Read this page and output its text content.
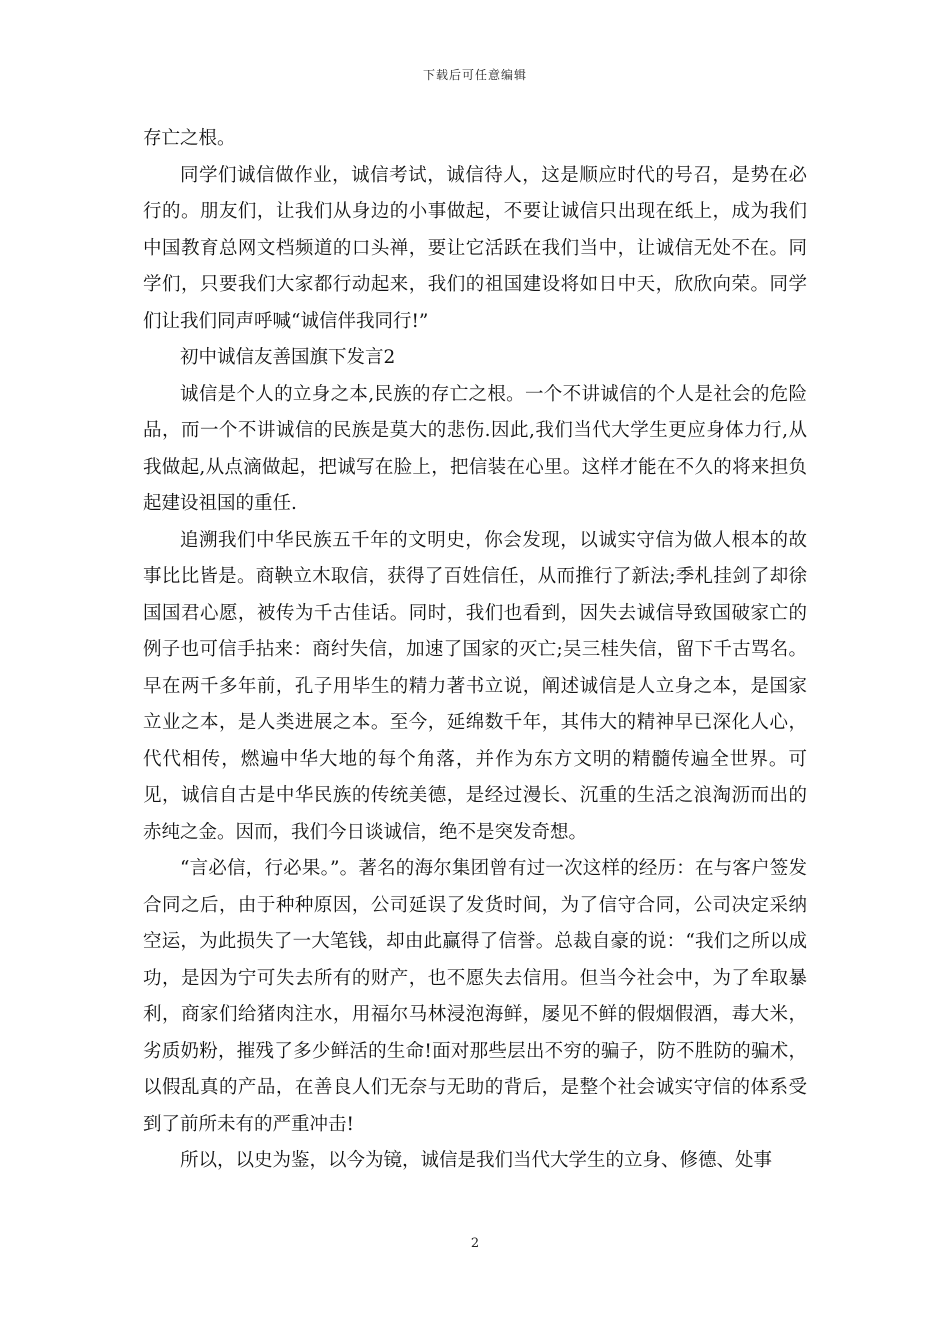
下载后可任意编辑

存亡之根。

同学们诚信做作业，诚信考试，诚信待人，这是顺应时代的号召，是势在必行的。朋友们，让我们从身边的小事做起，不要让诚信只出现在纸上，成为我们中国教育总网文档频道的口头禅，要让它活跃在我们当中，让诚信无处不在。同学们，只要我们大家都行动起来，我们的祖国建设将如日中天，欣欣向荣。同学们让我们同声呼喊“诚信伴我同行!”

初中诚信友善国旗下发言2

诚信是个人的立身之本,民族的存亡之根。一个不讲诚信的个人是社会的危险品，而一个不讲诚信的民族是莫大的悲伤.因此,我们当代大学生更应身体力行,从我做起,从点滴做起，把诚写在脸上，把信装在心里。这样才能在不久的将来担负起建设祖国的重任.

追溯我们中华民族五千年的文明史，你会发现，以诚实守信为做人根本的故事比比皆是。商鞅立木取信，获得了百姓信任，从而推行了新法;季札挂剑了却徐国国君心愿，被传为千古佳话。同时，我们也看到，因失去诚信导致国破家亡的例子也可信手拈来：商纣失信，加速了国家的灭亡;吴三桂失信，留下千古骂名。早在两千多年前，孔子用毕生的精力著书立说，阐述诚信是人立身之本，是国家立业之本，是人类进展之本。至今，延绵数千年，其伟大的精神早已深化人心，代代相传，燃遍中华大地的每个角落，并作为东方文明的精髓传遍全世界。可见，诚信自古是中华民族的传统美德，是经过漫长、沉重的生活之浪淘沥而出的赤纯之金。因而，我们今日谈诚信，绝不是突发奇想。

“言必信，行必果。”。著名的海尔集团曾有过一次这样的经历：在与客户签发合同之后，由于种种原因，公司延误了发货时间，为了信守合同，公司决定采纳空运，为此损失了一大笔钱，却由此赢得了信誉。总裁自豪的说：“我们之所以成功，是因为宁可失去所有的财产，也不愿失去信用。但当今社会中，为了牟取暴利，商家们给猪肉注水，用福尔马林浸泡海鲜，屡见不鲜的假烟假酒，毒大米，劣质奶粉，摧残了多少鲜活的生命!面对那些层出不穷的骗子，防不胜防的骗术，以假乱真的产品，在善良人们无奈与无助的背后，是整个社会诚实守信的体系受到了前所未有的严重冲击!

所以，以史为鉴，以今为镜，诚信是我们当代大学生的立身、修德、处事

2
